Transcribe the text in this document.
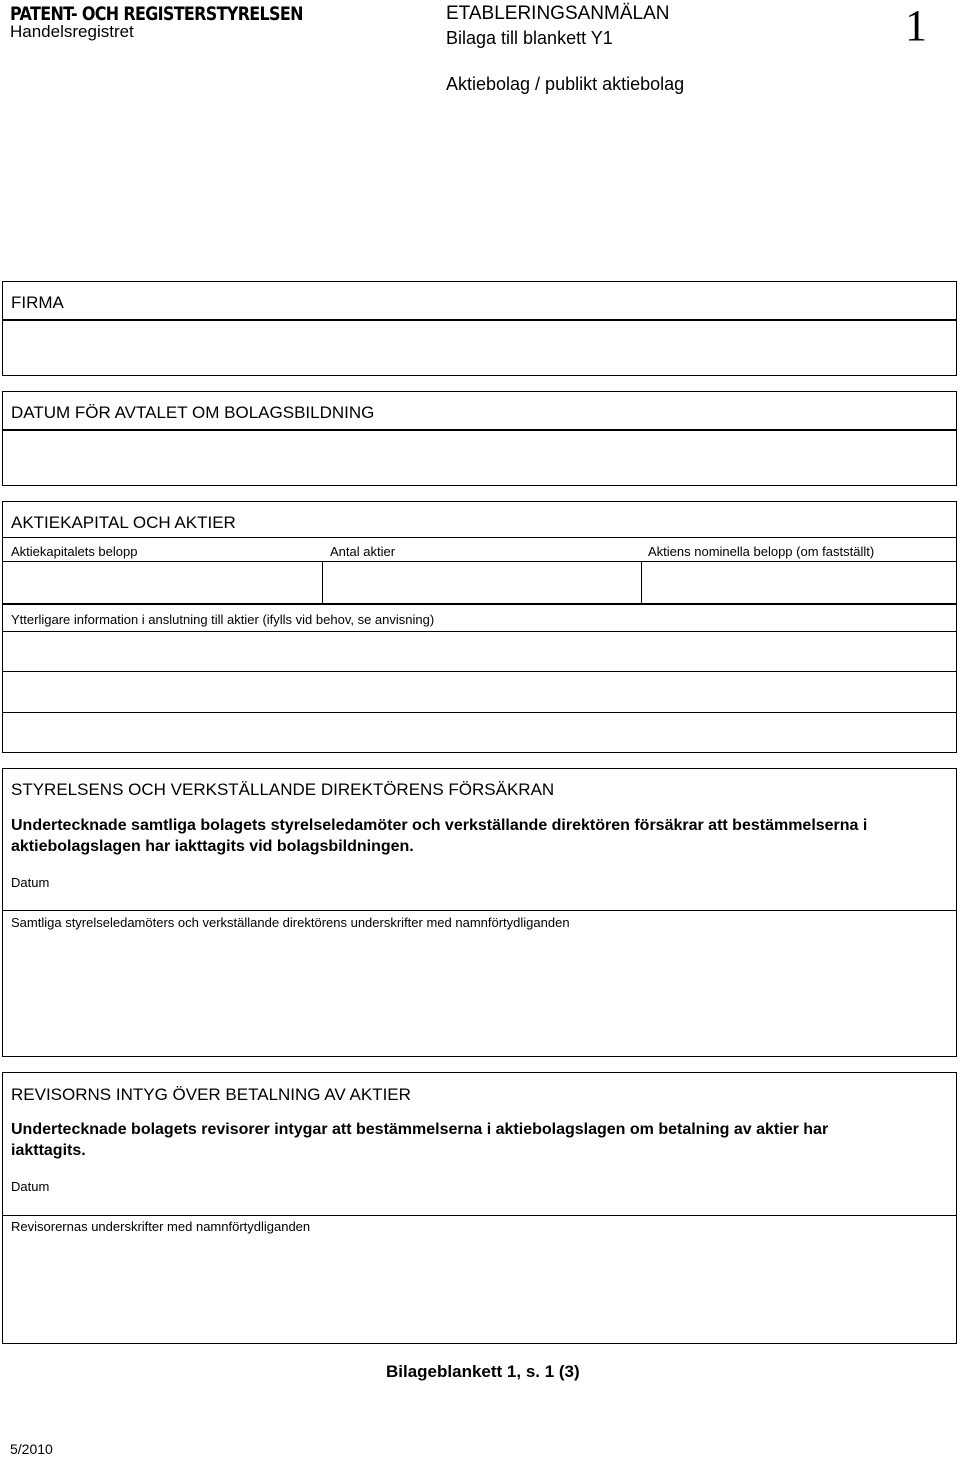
PATENT- OCH REGISTERSTYRELSEN
Handelsregistret
ETABLERINGSANMÄLAN
Bilaga till blankett Y1	1
Aktiebolag / publikt aktiebolag
FIRMA
DATUM FÖR AVTALET OM BOLAGSBILDNING
AKTIEKAPITAL OCH AKTIER
Aktiekapitalets belopp	Antal aktier	Aktiens nominella belopp (om fastställt)
Ytterligare information i anslutning till aktier (ifylls vid behov, se anvisning)
STYRELSENS OCH VERKSTÄLLANDE DIREKTÖRENS FÖRSÄKRAN
Undertecknade samtliga bolagets styrelseledamöter och verkställande direktören försäkrar att bestämmelserna i aktiebolagslagen har iakttagits vid bolagsbildningen.
Datum
Samtliga styrelseledamöters och verkställande direktörens underskrifter med namnförtydliganden
REVISORNS INTYG ÖVER BETALNING AV AKTIER
Undertecknade bolagets revisorer intygar att bestämmelserna i aktiebolagslagen om betalning av aktier har iakttagits.
Datum
Revisorernas underskrifter med namnförtydliganden
Bilageblankett 1, s. 1 (3)
5/2010
